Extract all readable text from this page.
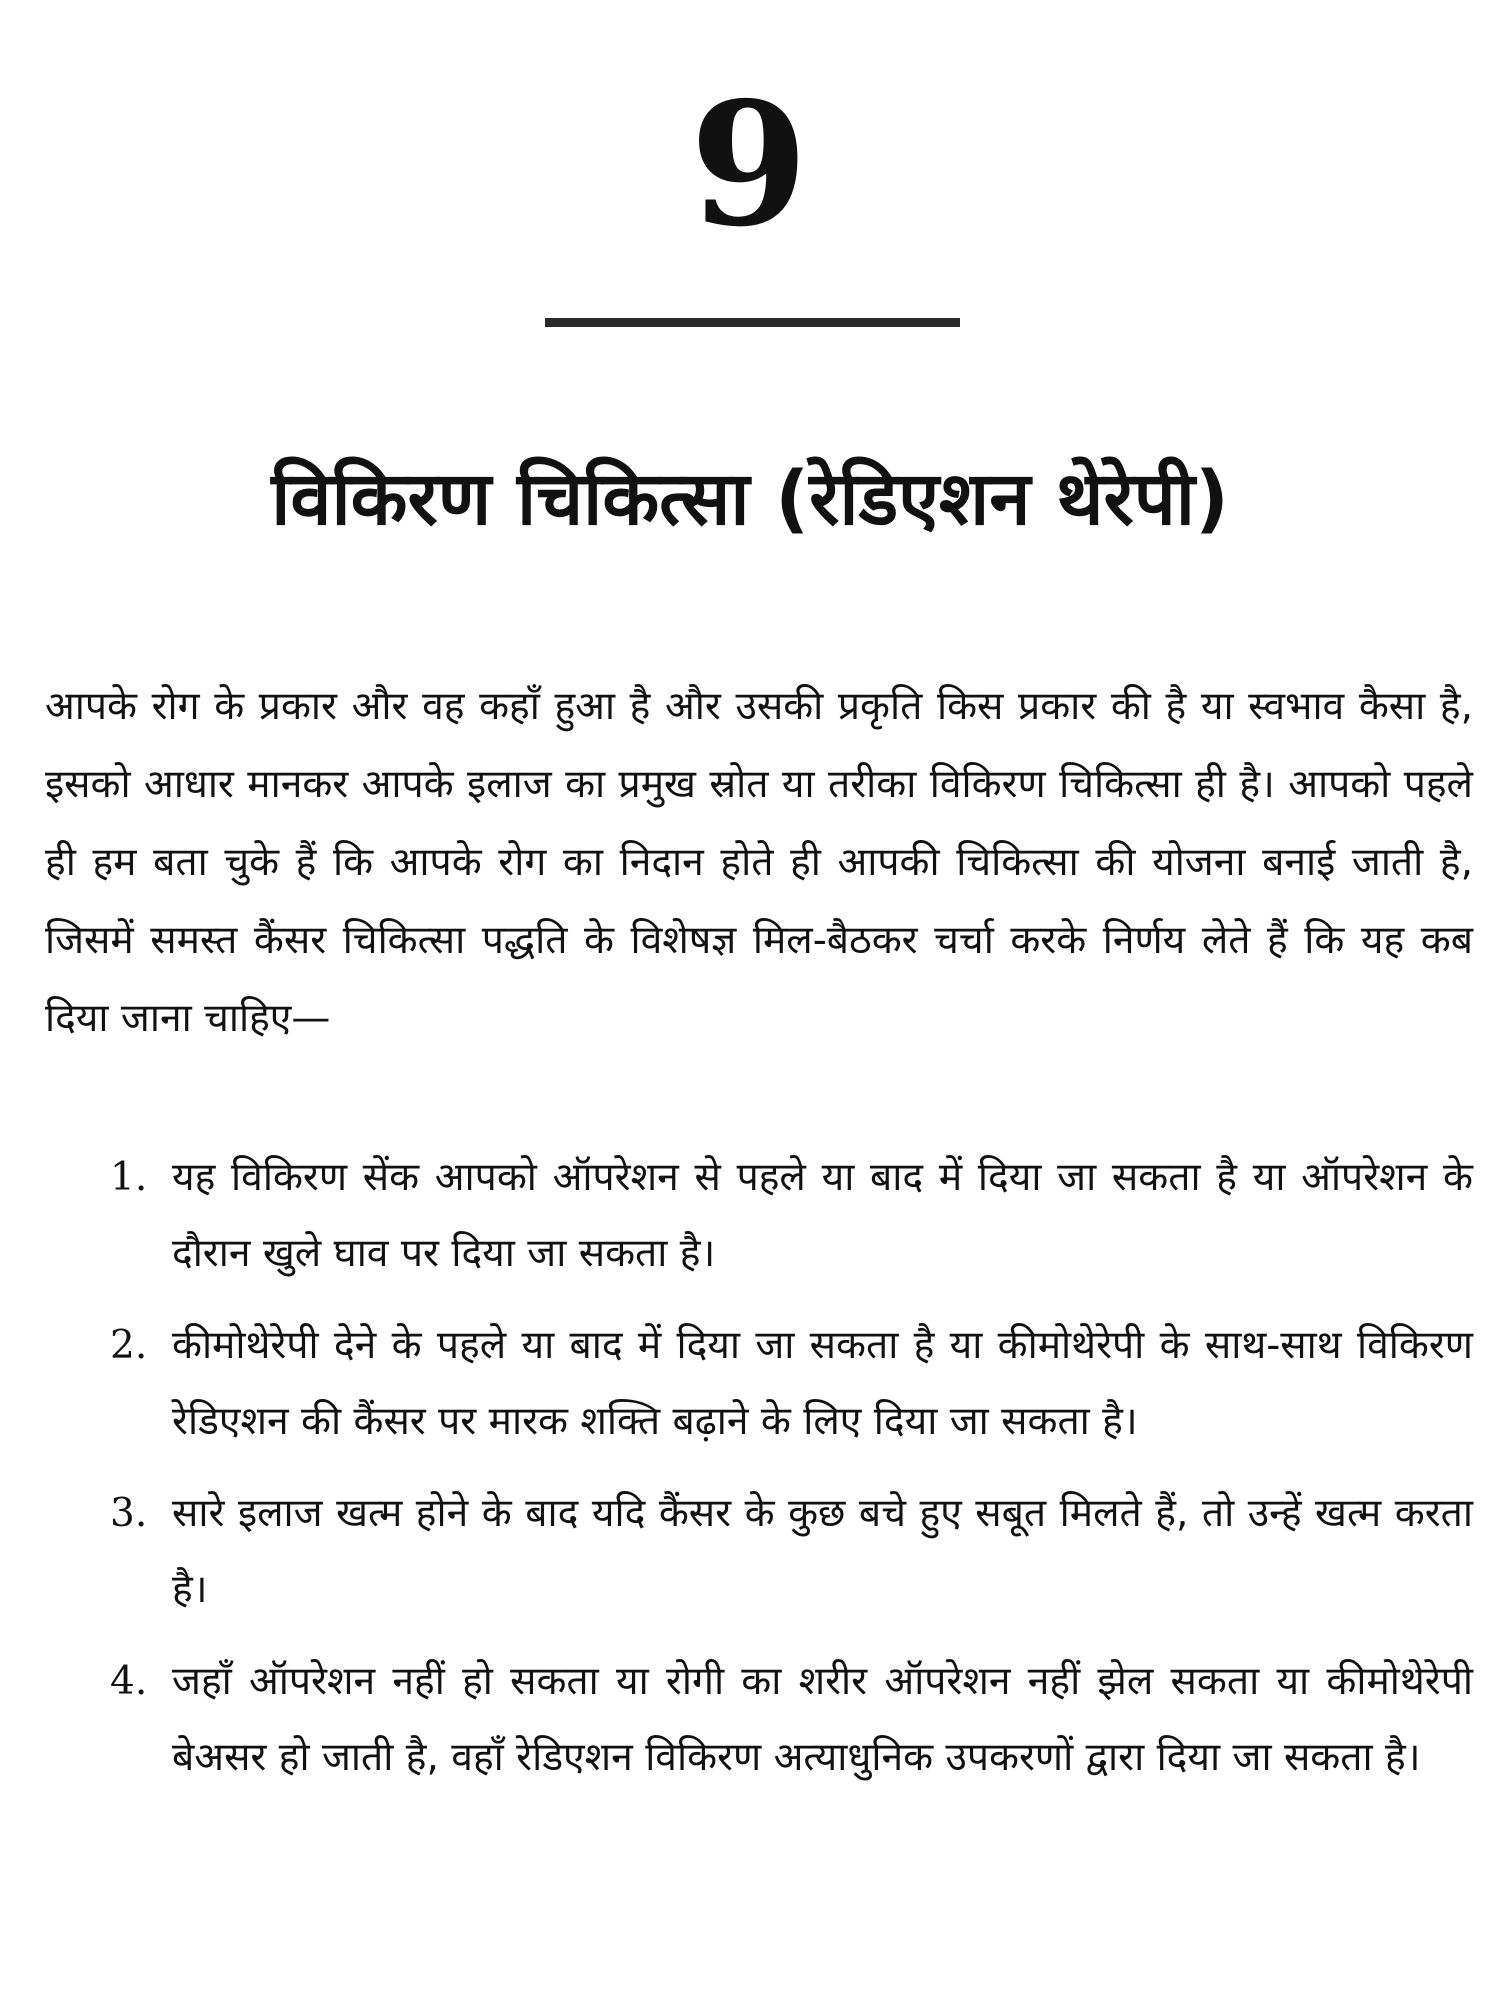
9
विकिरण चिकित्सा (रेडिएशन थेरेपी)

आपके रोग के प्रकार और वह कहाँ हुआ है और उसकी प्रकृति किस प्रकार की है या स्वभाव कैसा है, इसको आधार मानकर आपके इलाज का प्रमुख स्रोत या तरीका विकिरण चिकित्सा ही है। आपको पहले ही हम बता चुके हैं कि आपके रोग का निदान होते ही आपकी चिकित्सा की योजना बनाई जाती है, जिसमें समस्त कैंसर चिकित्सा पद्धति के विशेषज्ञ मिल-बैठकर चर्चा करके निर्णय लेते हैं कि यह कब दिया जाना चाहिए—

1. यह विकिरण सेंक आपको ऑपरेशन से पहले या बाद में दिया जा सकता है या ऑपरेशन के दौरान खुले घाव पर दिया जा सकता है।
2. कीमोथेरेपी देने के पहले या बाद में दिया जा सकता है या कीमोथेरेपी के साथ-साथ विकिरण रेडिएशन की कैंसर पर मारक शक्ति बढ़ाने के लिए दिया जा सकता है।
3. सारे इलाज खत्म होने के बाद यदि कैंसर के कुछ बचे हुए सबूत मिलते हैं, तो उन्हें खत्म करता है।
4. जहाँ ऑपरेशन नहीं हो सकता या रोगी का शरीर ऑपरेशन नहीं झेल सकता या कीमोथेरेपी बेअसर हो जाती है, वहाँ रेडिएशन विकिरण अत्याधुनिक उपकरणों द्वारा दिया जा सकता है।
